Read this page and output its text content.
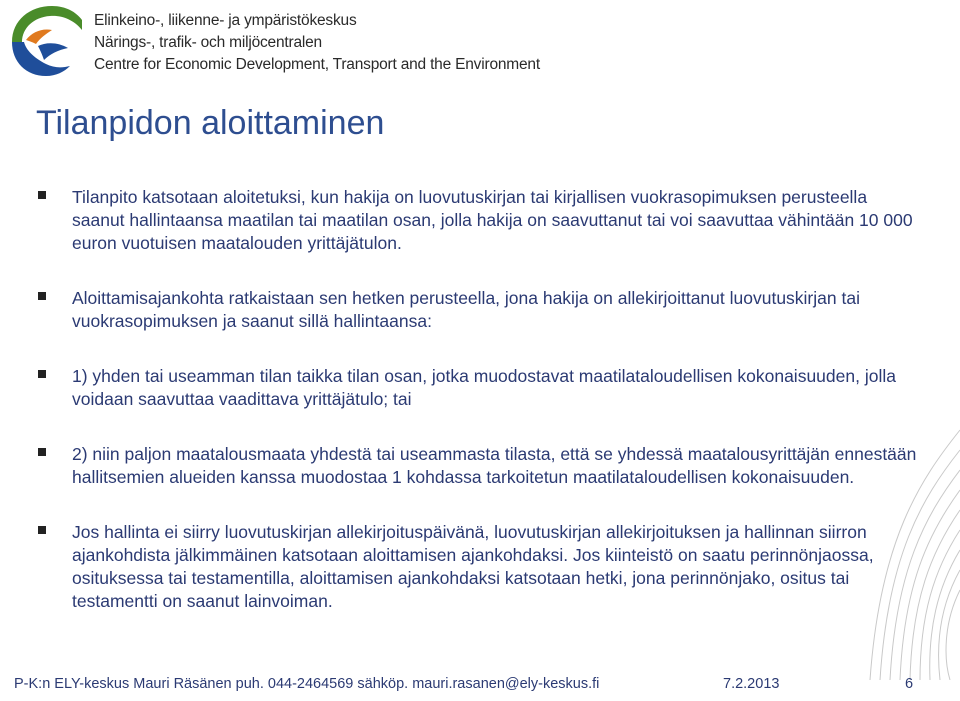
Elinkeino-, liikenne- ja ympäristökeskus
Närings-, trafik- och miljöcentralen
Centre for Economic Development, Transport and the Environment
Tilanpidon aloittaminen
Tilanpito katsotaan aloitetuksi, kun hakija on luovutuskirjan tai kirjallisen vuokrasopimuksen perusteella saanut hallintaansa maatilan tai maatilan osan, jolla hakija on saavuttanut tai voi saavuttaa vähintään 10 000 euron vuotuisen maatalouden yrittäjätulon.
Aloittamisajankohta ratkaistaan sen hetken perusteella, jona hakija on allekirjoittanut luovutuskirjan tai vuokrasopimuksen ja saanut sillä hallintaansa:
1) yhden tai useamman tilan taikka tilan osan, jotka muodostavat maatilataloudellisen kokonaisuuden, jolla voidaan saavuttaa vaadittava yrittäjätulo; tai
2) niin paljon maatalousmaata yhdestä tai useammasta tilasta, että se yhdessä maatalousyrittäjän ennestään hallitsemien alueiden kanssa muodostaa 1 kohdassa tarkoitetun maatilataloudellisen kokonaisuuden.
Jos hallinta ei siirry luovutuskirjan allekirjoituspäivänä, luovutuskirjan allekirjoituksen ja hallinnan siirron ajankohdista jälkimmäinen katsotaan aloittamisen ajankohdaksi. Jos kiinteistö on saatu perinnönjaossa, osituksessa tai testamentilla, aloittamisen ajankohdaksi katsotaan hetki, jona perinnönjako, ositus tai testamentti on saanut lainvoiman.
P-K:n ELY-keskus Mauri Räsänen puh. 044-2464569 sähköp. mauri.rasanen@ely-keskus.fi	7.2.2013	6
